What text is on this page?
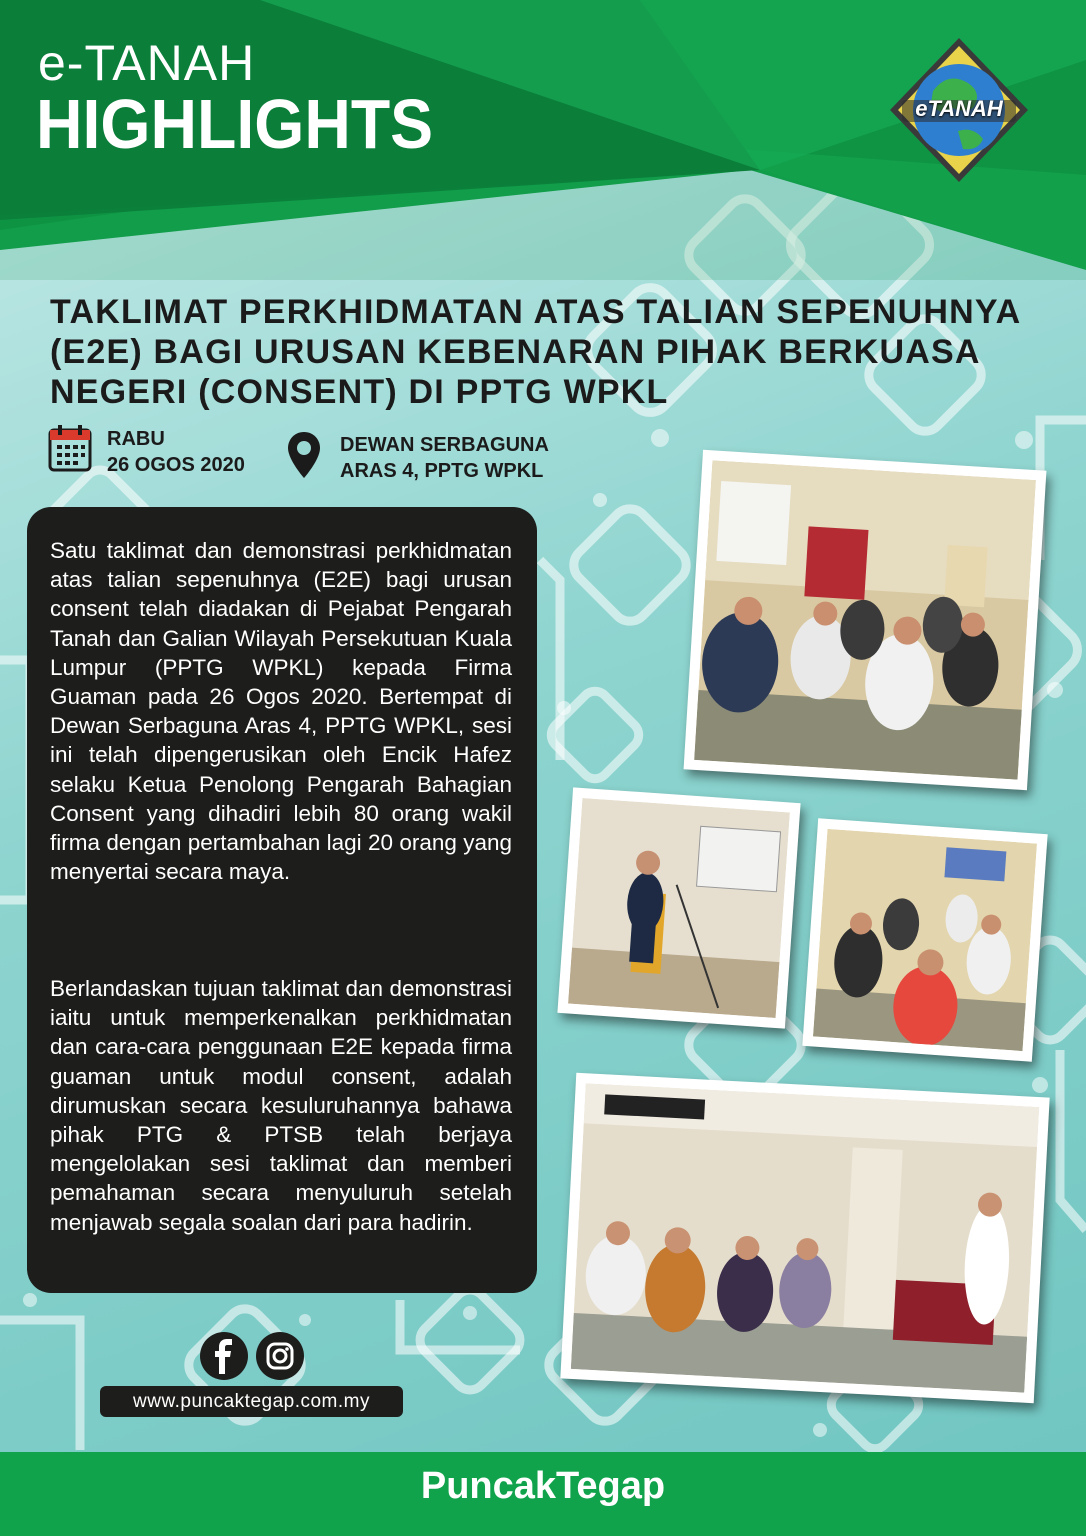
e-TANAH
HIGHLIGHTS	eTANAH
TAKLIMAT PERKHIDMATAN ATAS TALIAN SEPENUHNYA (E2E) BAGI URUSAN KEBENARAN PIHAK BERKUASA NEGERI (CONSENT) DI PPTG WPKL
RABU
26 OGOS 2020
DEWAN SERBAGUNA
ARAS 4, PPTG WPKL

Satu taklimat dan demonstrasi perkhidmatan atas talian sepenuhnya (E2E) bagi urusan consent telah diadakan di Pejabat Pengarah Tanah dan Galian Wilayah Persekutuan Kuala Lumpur (PPTG WPKL) kepada Firma Guaman pada 26 Ogos 2020. Bertempat di Dewan Serbaguna Aras 4, PPTG WPKL, sesi ini telah dipengerusikan oleh Encik Hafez selaku Ketua Penolong Pengarah Bahagian Consent yang dihadiri lebih 80 orang wakil firma dengan pertambahan lagi 20 orang yang menyertai secara maya.

Berlandaskan tujuan taklimat dan demonstrasi iaitu untuk memperkenalkan perkhidmatan dan cara-cara penggunaan E2E kepada firma guaman untuk modul consent, adalah dirumuskan secara kesuluruhannya bahawa pihak PTG & PTSB telah berjaya mengelolakan sesi taklimat dan memberi pemahaman secara menyuluruh setelah menjawab segala soalan dari para hadirin.

www.puncaktegap.com.my
PuncakTegap
